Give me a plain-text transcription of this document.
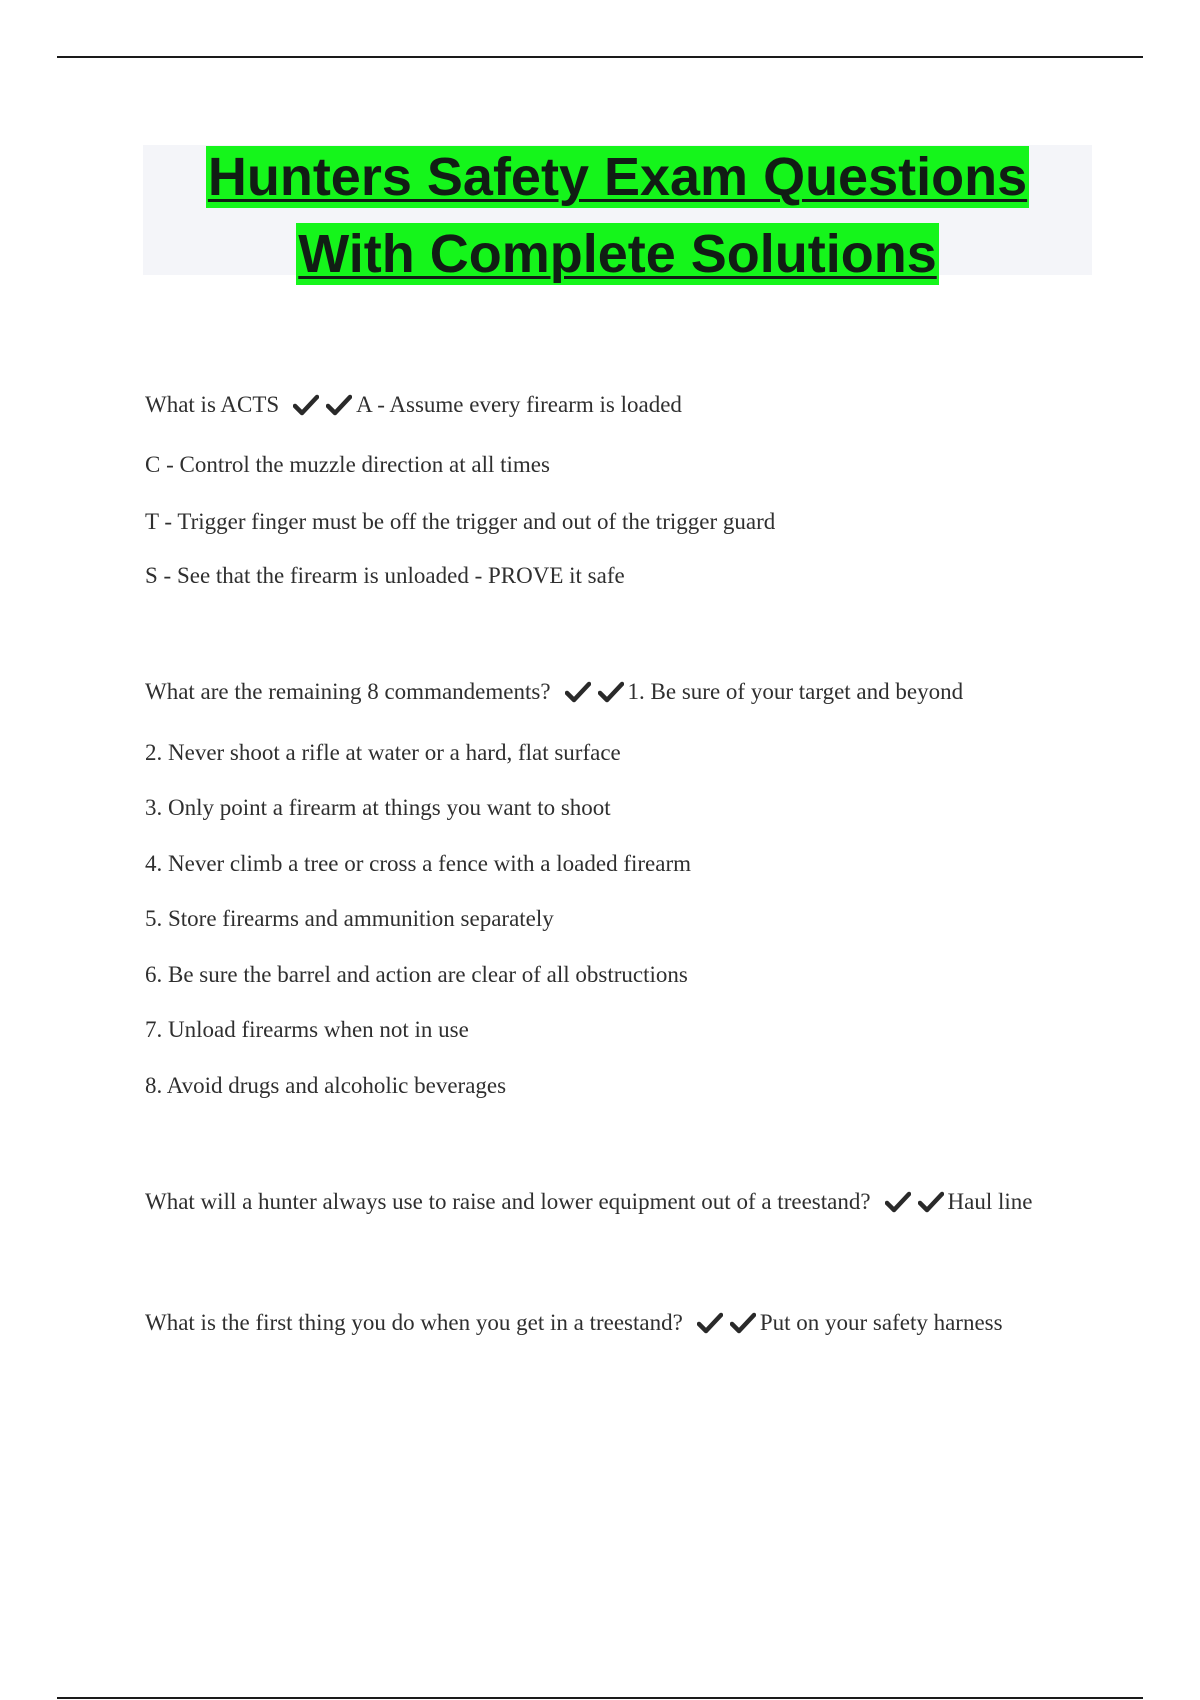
Hunters Safety Exam Questions
With Complete Solutions
What is ACTS	A - Assume every firearm is loaded
C - Control the muzzle direction at all times
T - Trigger finger must be off the trigger and out of the trigger guard
S - See that the firearm is unloaded - PROVE it safe
What are the remaining 8 commandements?	1. Be sure of your target and beyond
2. Never shoot a rifle at water or a hard, flat surface
3. Only point a firearm at things you want to shoot
4. Never climb a tree or cross a fence with a loaded firearm
5. Store firearms and ammunition separately
6. Be sure the barrel and action are clear of all obstructions
7. Unload firearms when not in use
8. Avoid drugs and alcoholic beverages
What will a hunter always use to raise and lower equipment out of a treestand?	Haul line
What is the first thing you do when you get in a treestand?	Put on your safety harness
